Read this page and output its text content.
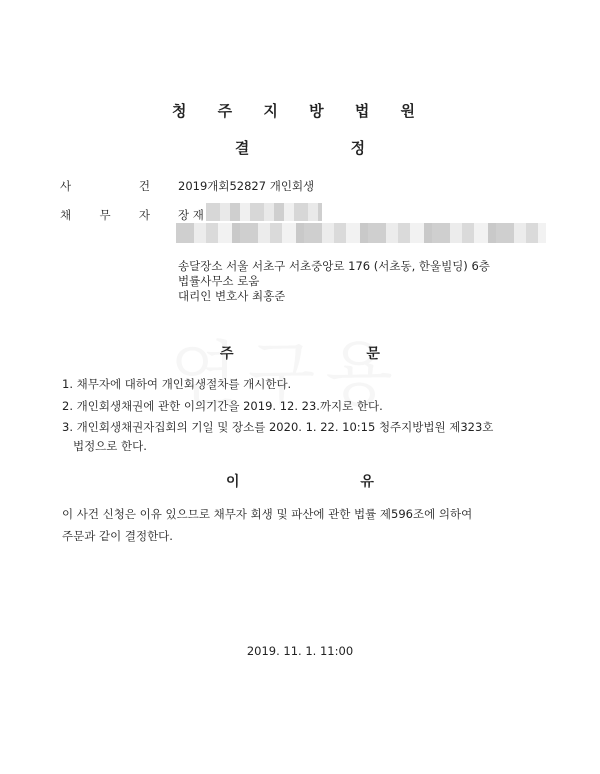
청 주 지 방 법 원
결 정
사	건 2019개회52827 개인회생
채 무 자 장 재
송달장소 서울 서초구 서초중앙로 176 (서초동, 한울빌딩) 6층
법률사무소 로움
대리인 변호사 최홍준
주 문
1. 채무자에 대하여 개인회생절차를 개시한다.
2. 개인회생채권에 관한 이의기간을 2019. 12. 23.까지로 한다.
3. 개인회생채권자집회의 기일 및 장소를 2020. 1. 22. 10:15 청주지방법원 제323호
법정으로 한다.
이 유
이 사건 신청은 이유 있으므로 채무자 회생 및 파산에 관한 법률 제596조에 의하여
주문과 같이 결정한다.
2019. 11. 1. 11:00
